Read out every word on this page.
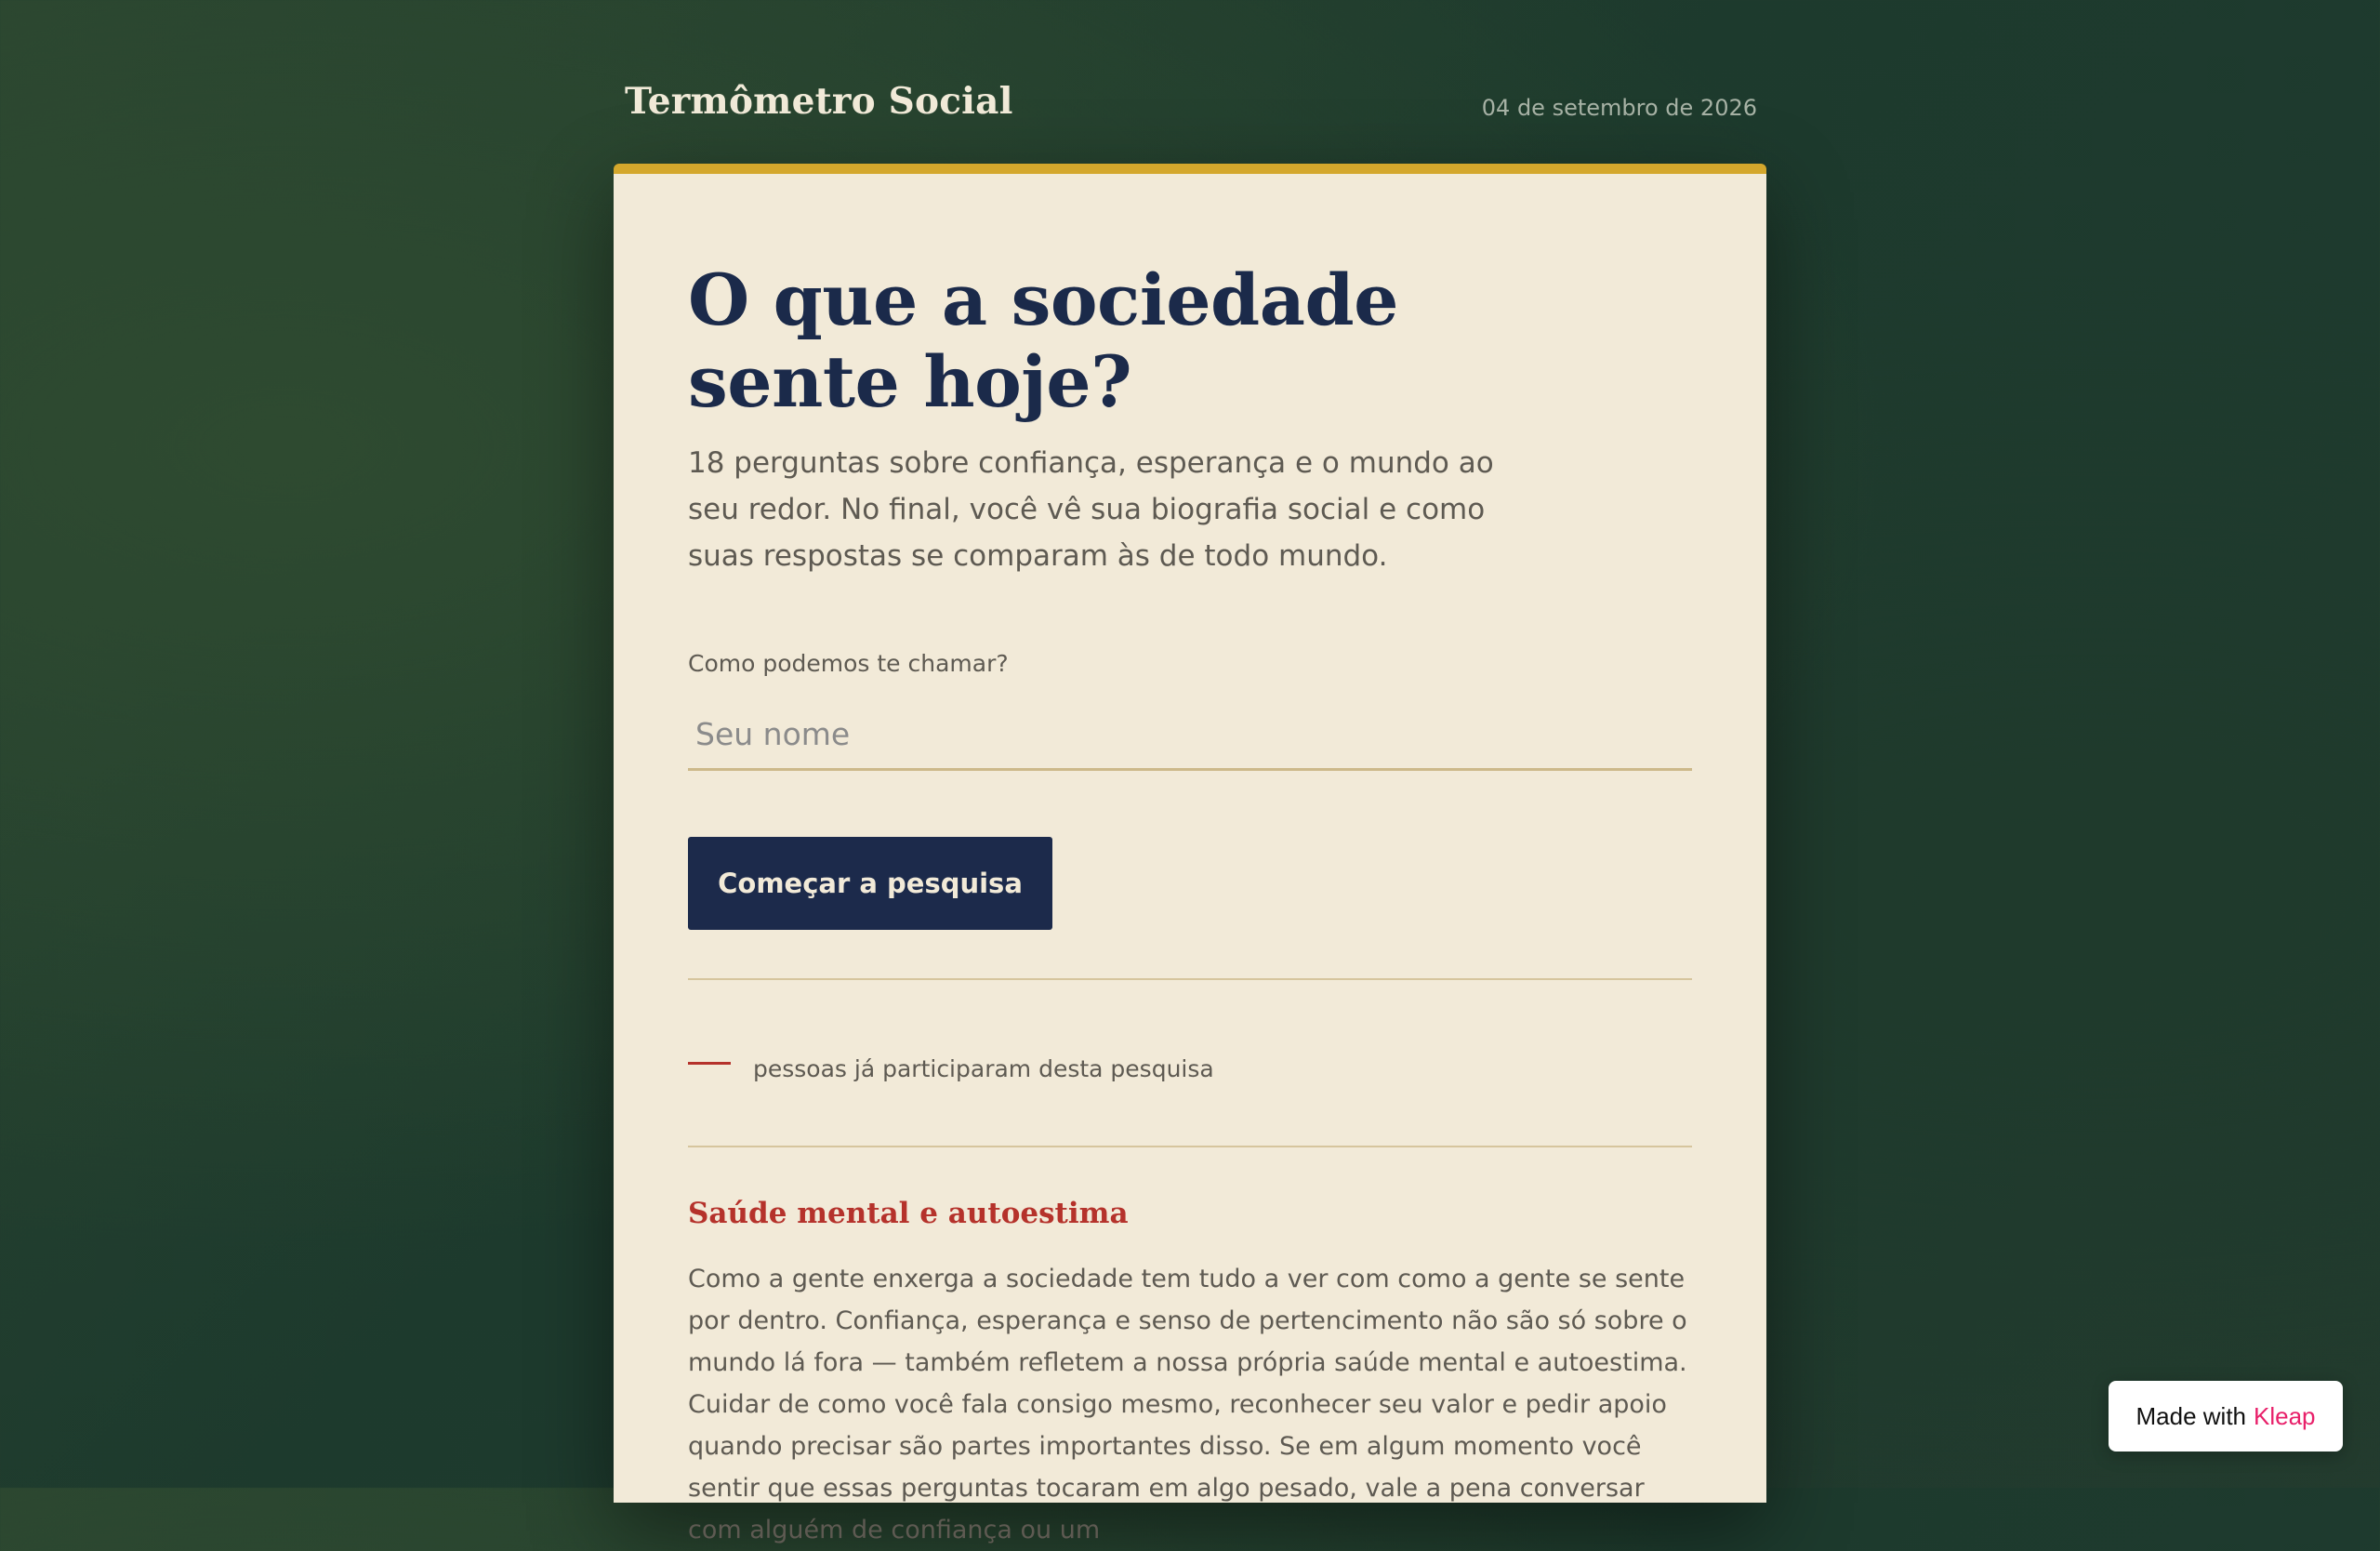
Termômetro Social	04 de setembro de 2026
O que a sociedade
sente hoje?

18 perguntas sobre confiança, esperança e o mundo ao seu redor. No final, você vê sua biografia social e como suas respostas se comparam às de todo mundo.

Como podemos te chamar?
Seu nome
Começar a pesquisa
pessoas já participaram desta pesquisa
Saúde mental e autoestima

Como a gente enxerga a sociedade tem tudo a ver com como a gente se sente por dentro. Confiança, esperança e senso de pertencimento não são só sobre o mundo lá fora — também refletem a nossa própria saúde mental e autoestima. Cuidar de como você fala consigo mesmo, reconhecer seu valor e pedir apoio quando precisar são partes importantes disso. Se em algum momento você sentir que essas perguntas tocaram em algo pesado, vale a pena conversar com alguém de confiança ou um

Made with Kleap
